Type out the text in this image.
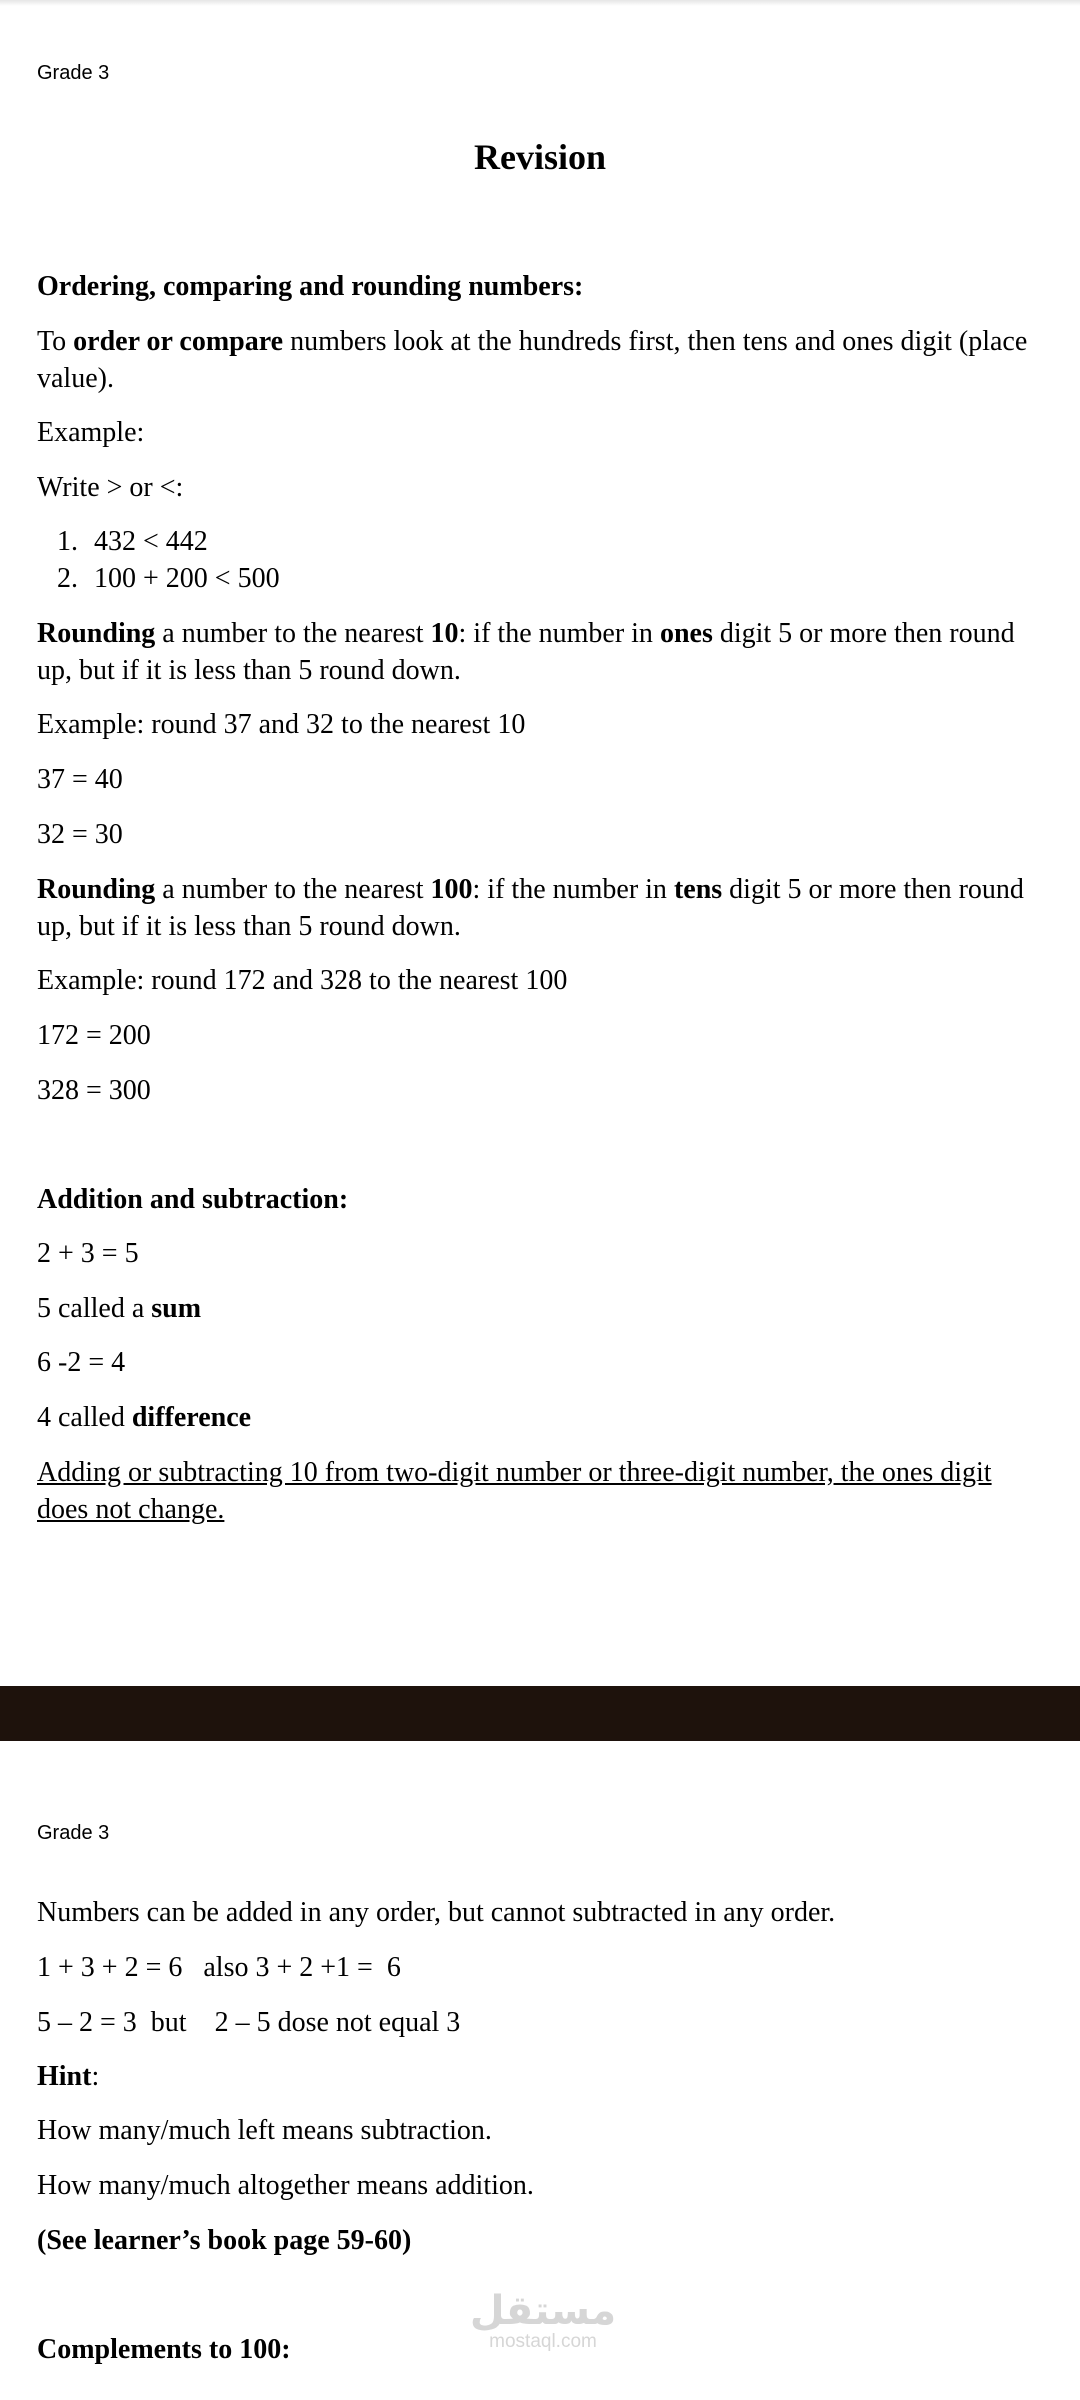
Grade 3
Revision
Ordering, comparing and rounding numbers:
To order or compare numbers look at the hundreds first, then tens and ones digit (place value).
Example:
Write > or <:
1. 432 < 442
2. 100 + 200 < 500
Rounding a number to the nearest 10: if the number in ones digit 5 or more then round up, but if it is less than 5 round down.
Example: round 37 and 32 to the nearest 10
37 = 40
32 = 30
Rounding a number to the nearest 100: if the number in tens digit 5 or more then round up, but if it is less than 5 round down.
Example: round 172 and 328 to the nearest 100
172 = 200
328 = 300
Addition and subtraction:
2 + 3 = 5
5 called a sum
6 -2 = 4
4 called difference
Adding or subtracting 10 from two-digit number or three-digit number, the ones digit does not change.
Grade 3
Numbers can be added in any order, but cannot subtracted in any order.
1 + 3 + 2 = 6   also 3 + 2 +1 =  6
5 – 2 = 3  but    2 – 5 dose not equal 3
Hint:
How many/much left means subtraction.
How many/much altogether means addition.
(See learner’s book page 59-60)
Complements to 100:
مستقل
mostaql.com
